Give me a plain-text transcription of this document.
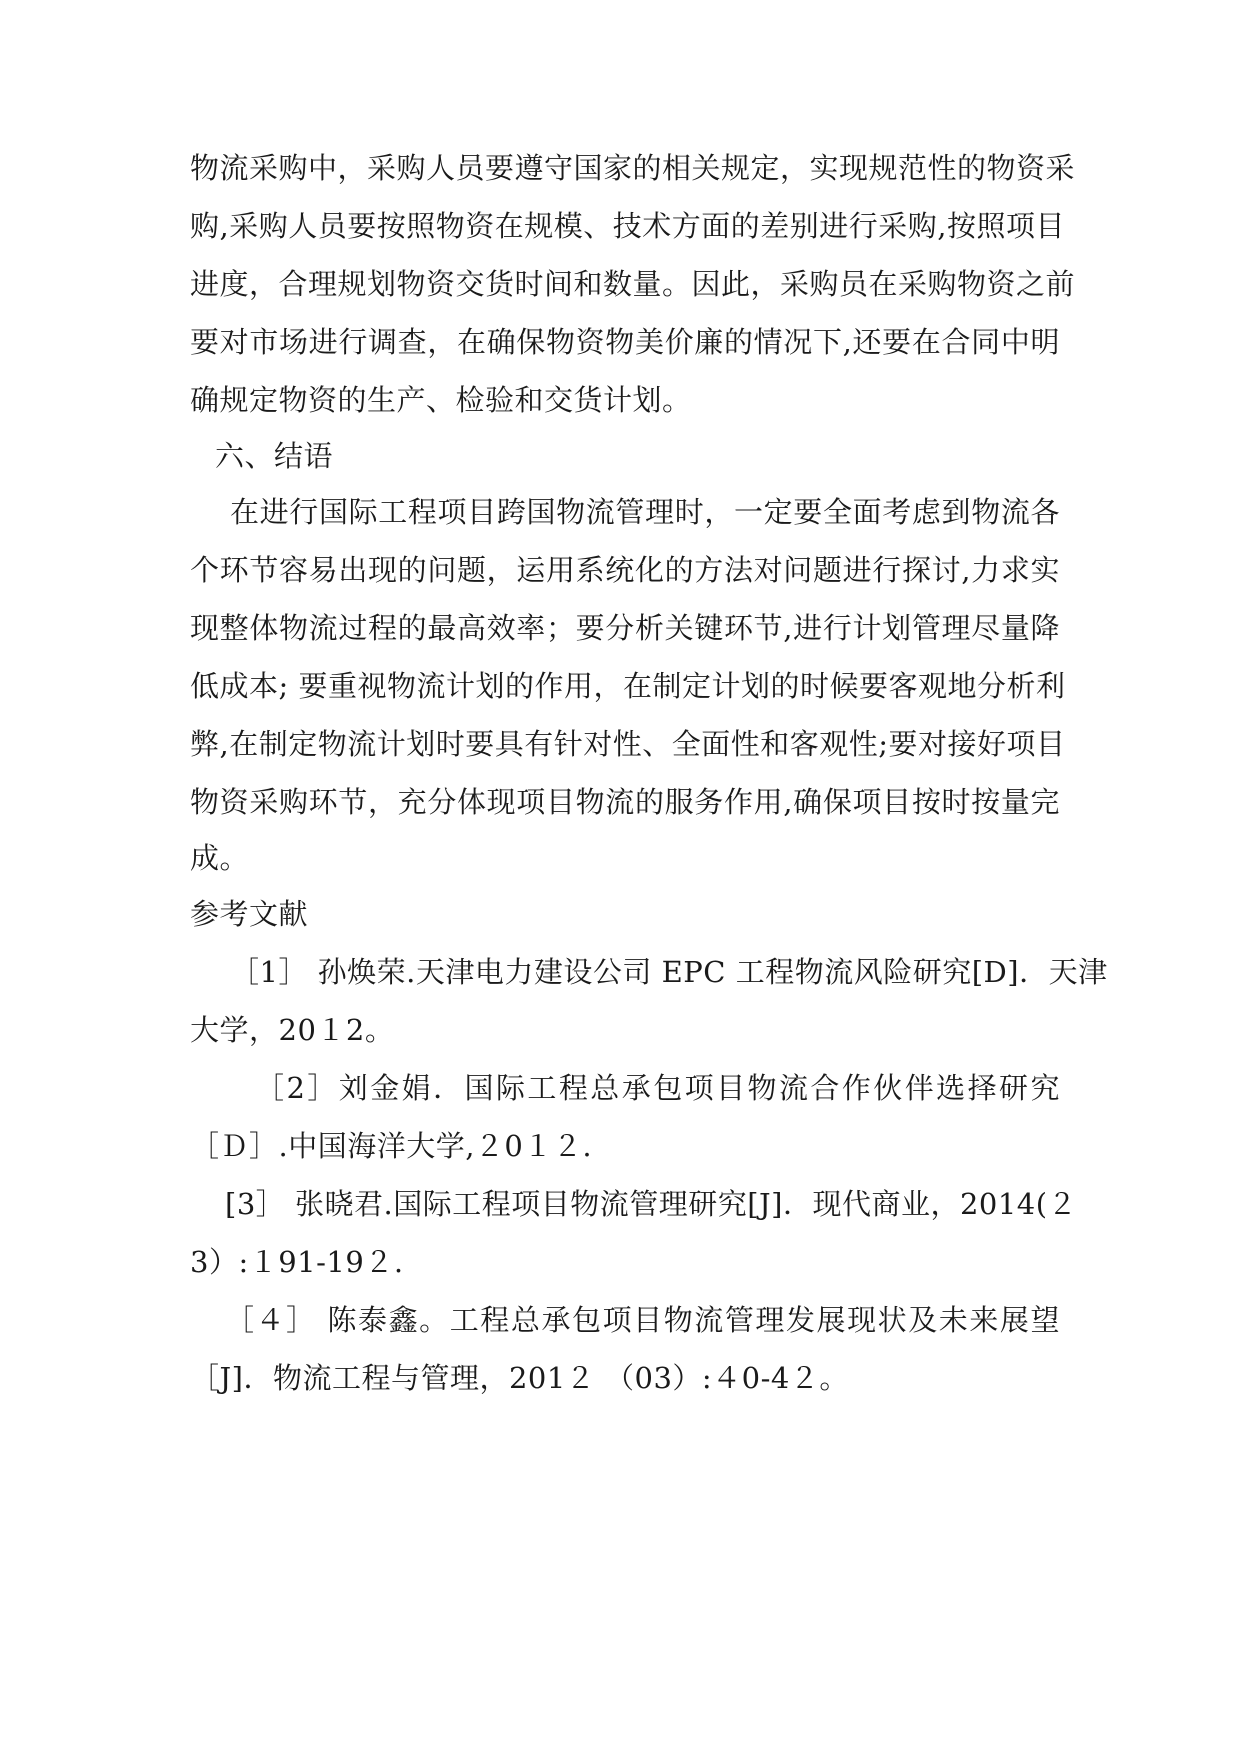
物流采购中，采购人员要遵守国家的相关规定，实现规范性的物资采
购,采购人员要按照物资在规模、技术方面的差别进行采购,按照项目
进度，合理规划物资交货时间和数量。因此，采购员在采购物资之前
要对市场进行调查，在确保物资物美价廉的情况下,还要在合同中明
确规定物资的生产、检验和交货计划。
六、结语
在进行国际工程项目跨国物流管理时，一定要全面考虑到物流各
个环节容易出现的问题，运用系统化的方法对问题进行探讨,力求实
现整体物流过程的最高效率；要分析关键环节,进行计划管理尽量降
低成本; 要重视物流计划的作用，在制定计划的时候要客观地分析利
弊,在制定物流计划时要具有针对性、全面性和客观性;要对接好项目
物资采购环节，充分体现项目物流的服务作用,确保项目按时按量完
成。
参考文献
［1］ 孙焕荣.天津电力建设公司 EPC 工程物流风险研究[D]．天津
大学，20１2。
［2］刘金娟．国际工程总承包项目物流合作伙伴选择研究
［Ｄ］.中国海洋大学,２0１２.
[3］ 张晓君.国际工程项目物流管理研究[J]．现代商业，2014(２
3）:１91-19２.
［４］ 陈泰鑫。工程总承包项目物流管理发展现状及未来展望
［J]．物流工程与管理，201２ （03）:４0-4２。
